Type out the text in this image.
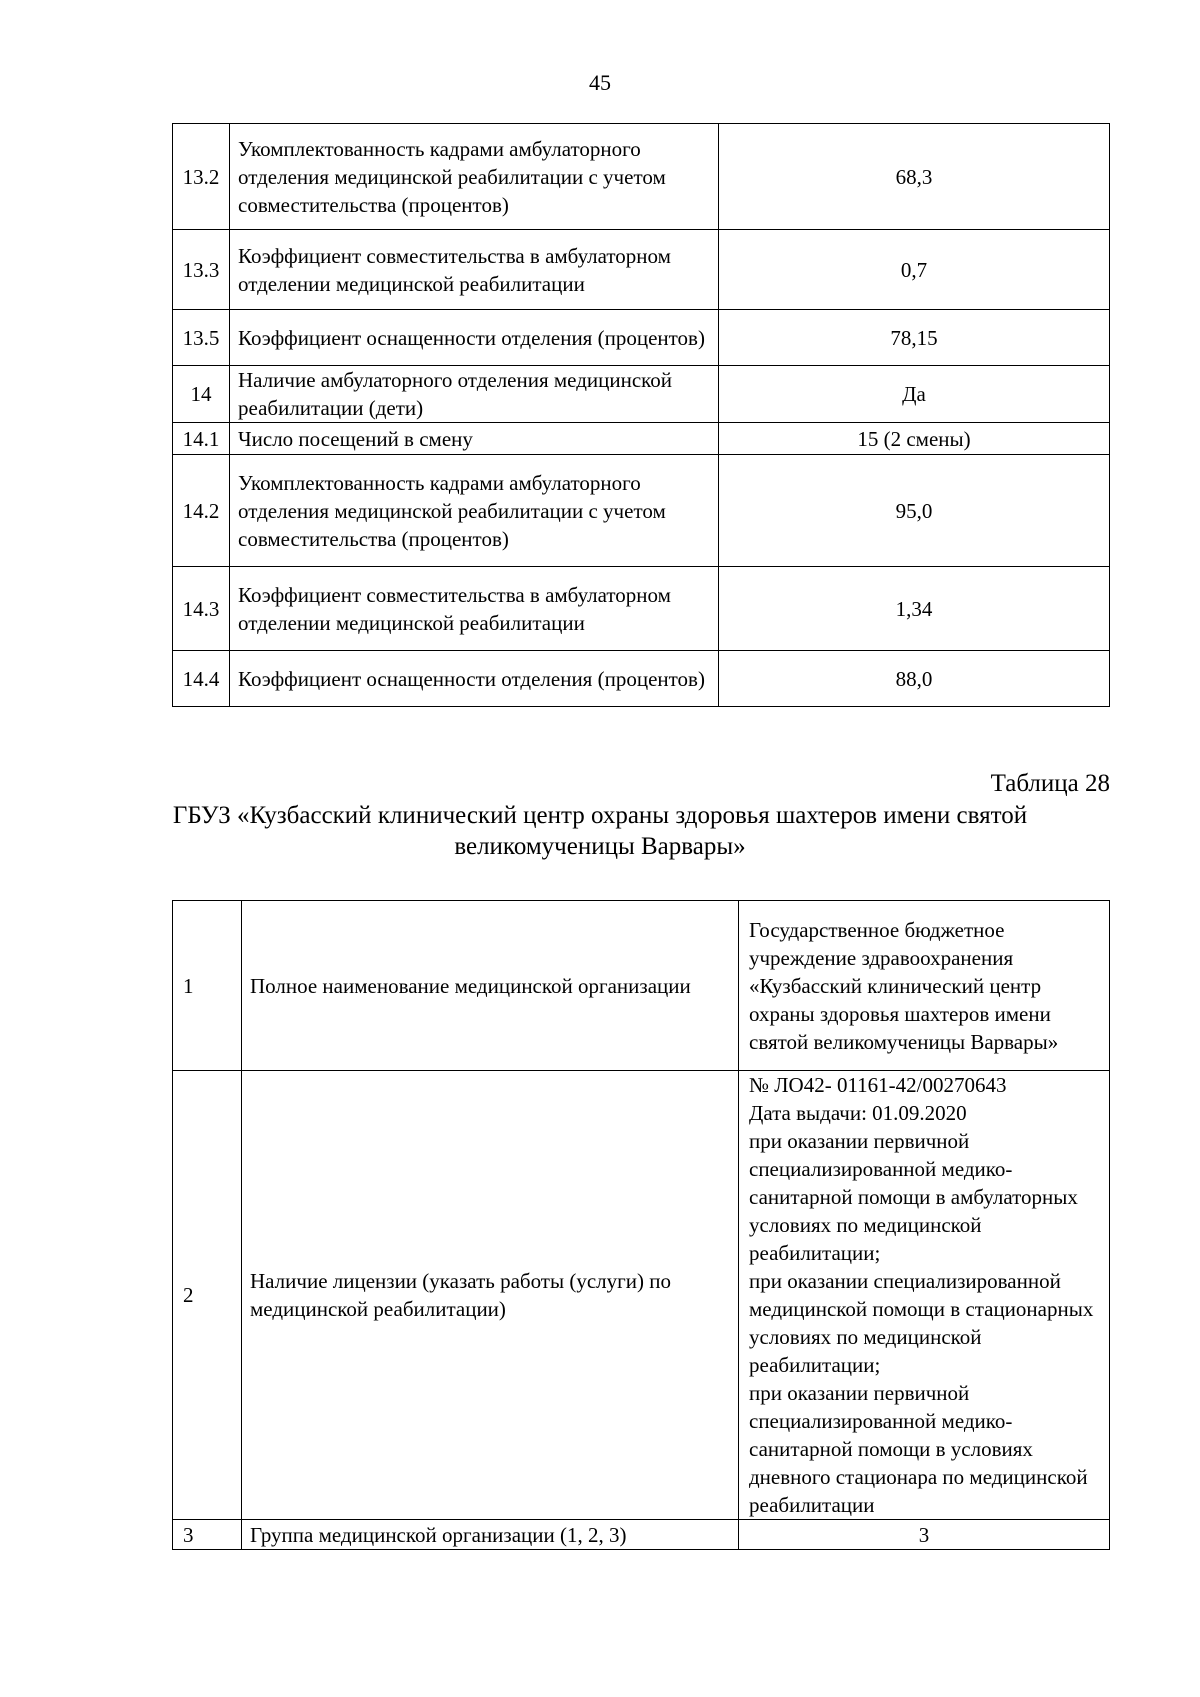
45
13.2	Укомплектованность кадрами амбулаторного отделения медицинской реабилитации с учетом совместительства (процентов)	68,3
13.3	Коэффициент совместительства в амбулаторном отделении медицинской реабилитации	0,7
13.5	Коэффициент оснащенности отделения (процентов)	78,15
14	Наличие амбулаторного отделения медицинской реабилитации (дети)	Да
14.1	Число посещений в смену	15 (2 смены)
14.2	Укомплектованность кадрами амбулаторного отделения медицинской реабилитации с учетом совместительства (процентов)	95,0
14.3	Коэффициент совместительства в амбулаторном отделении медицинской реабилитации	1,34
14.4	Коэффициент оснащенности отделения (процентов)	88,0
Таблица 28
ГБУЗ «Кузбасский клинический центр охраны здоровья шахтеров имени святой великомученицы Варвары»
1	Полное наименование медицинской организации	Государственное бюджетное учреждение здравоохранения «Кузбасский клинический центр охраны здоровья шахтеров имени святой великомученицы Варвары»
2	Наличие лицензии (указать работы (услуги) по медицинской реабилитации)	№ ЛО42- 01161-42/00270643
Дата выдачи: 01.09.2020
при оказании первичной специализированной медико-санитарной помощи в амбулаторных условиях по медицинской реабилитации;
при оказании специализированной медицинской помощи в стационарных условиях по медицинской реабилитации;
при оказании первичной специализированной медико-санитарной помощи в условиях дневного стационара по медицинской реабилитации
3	Группа медицинской организации (1, 2, 3)	3
